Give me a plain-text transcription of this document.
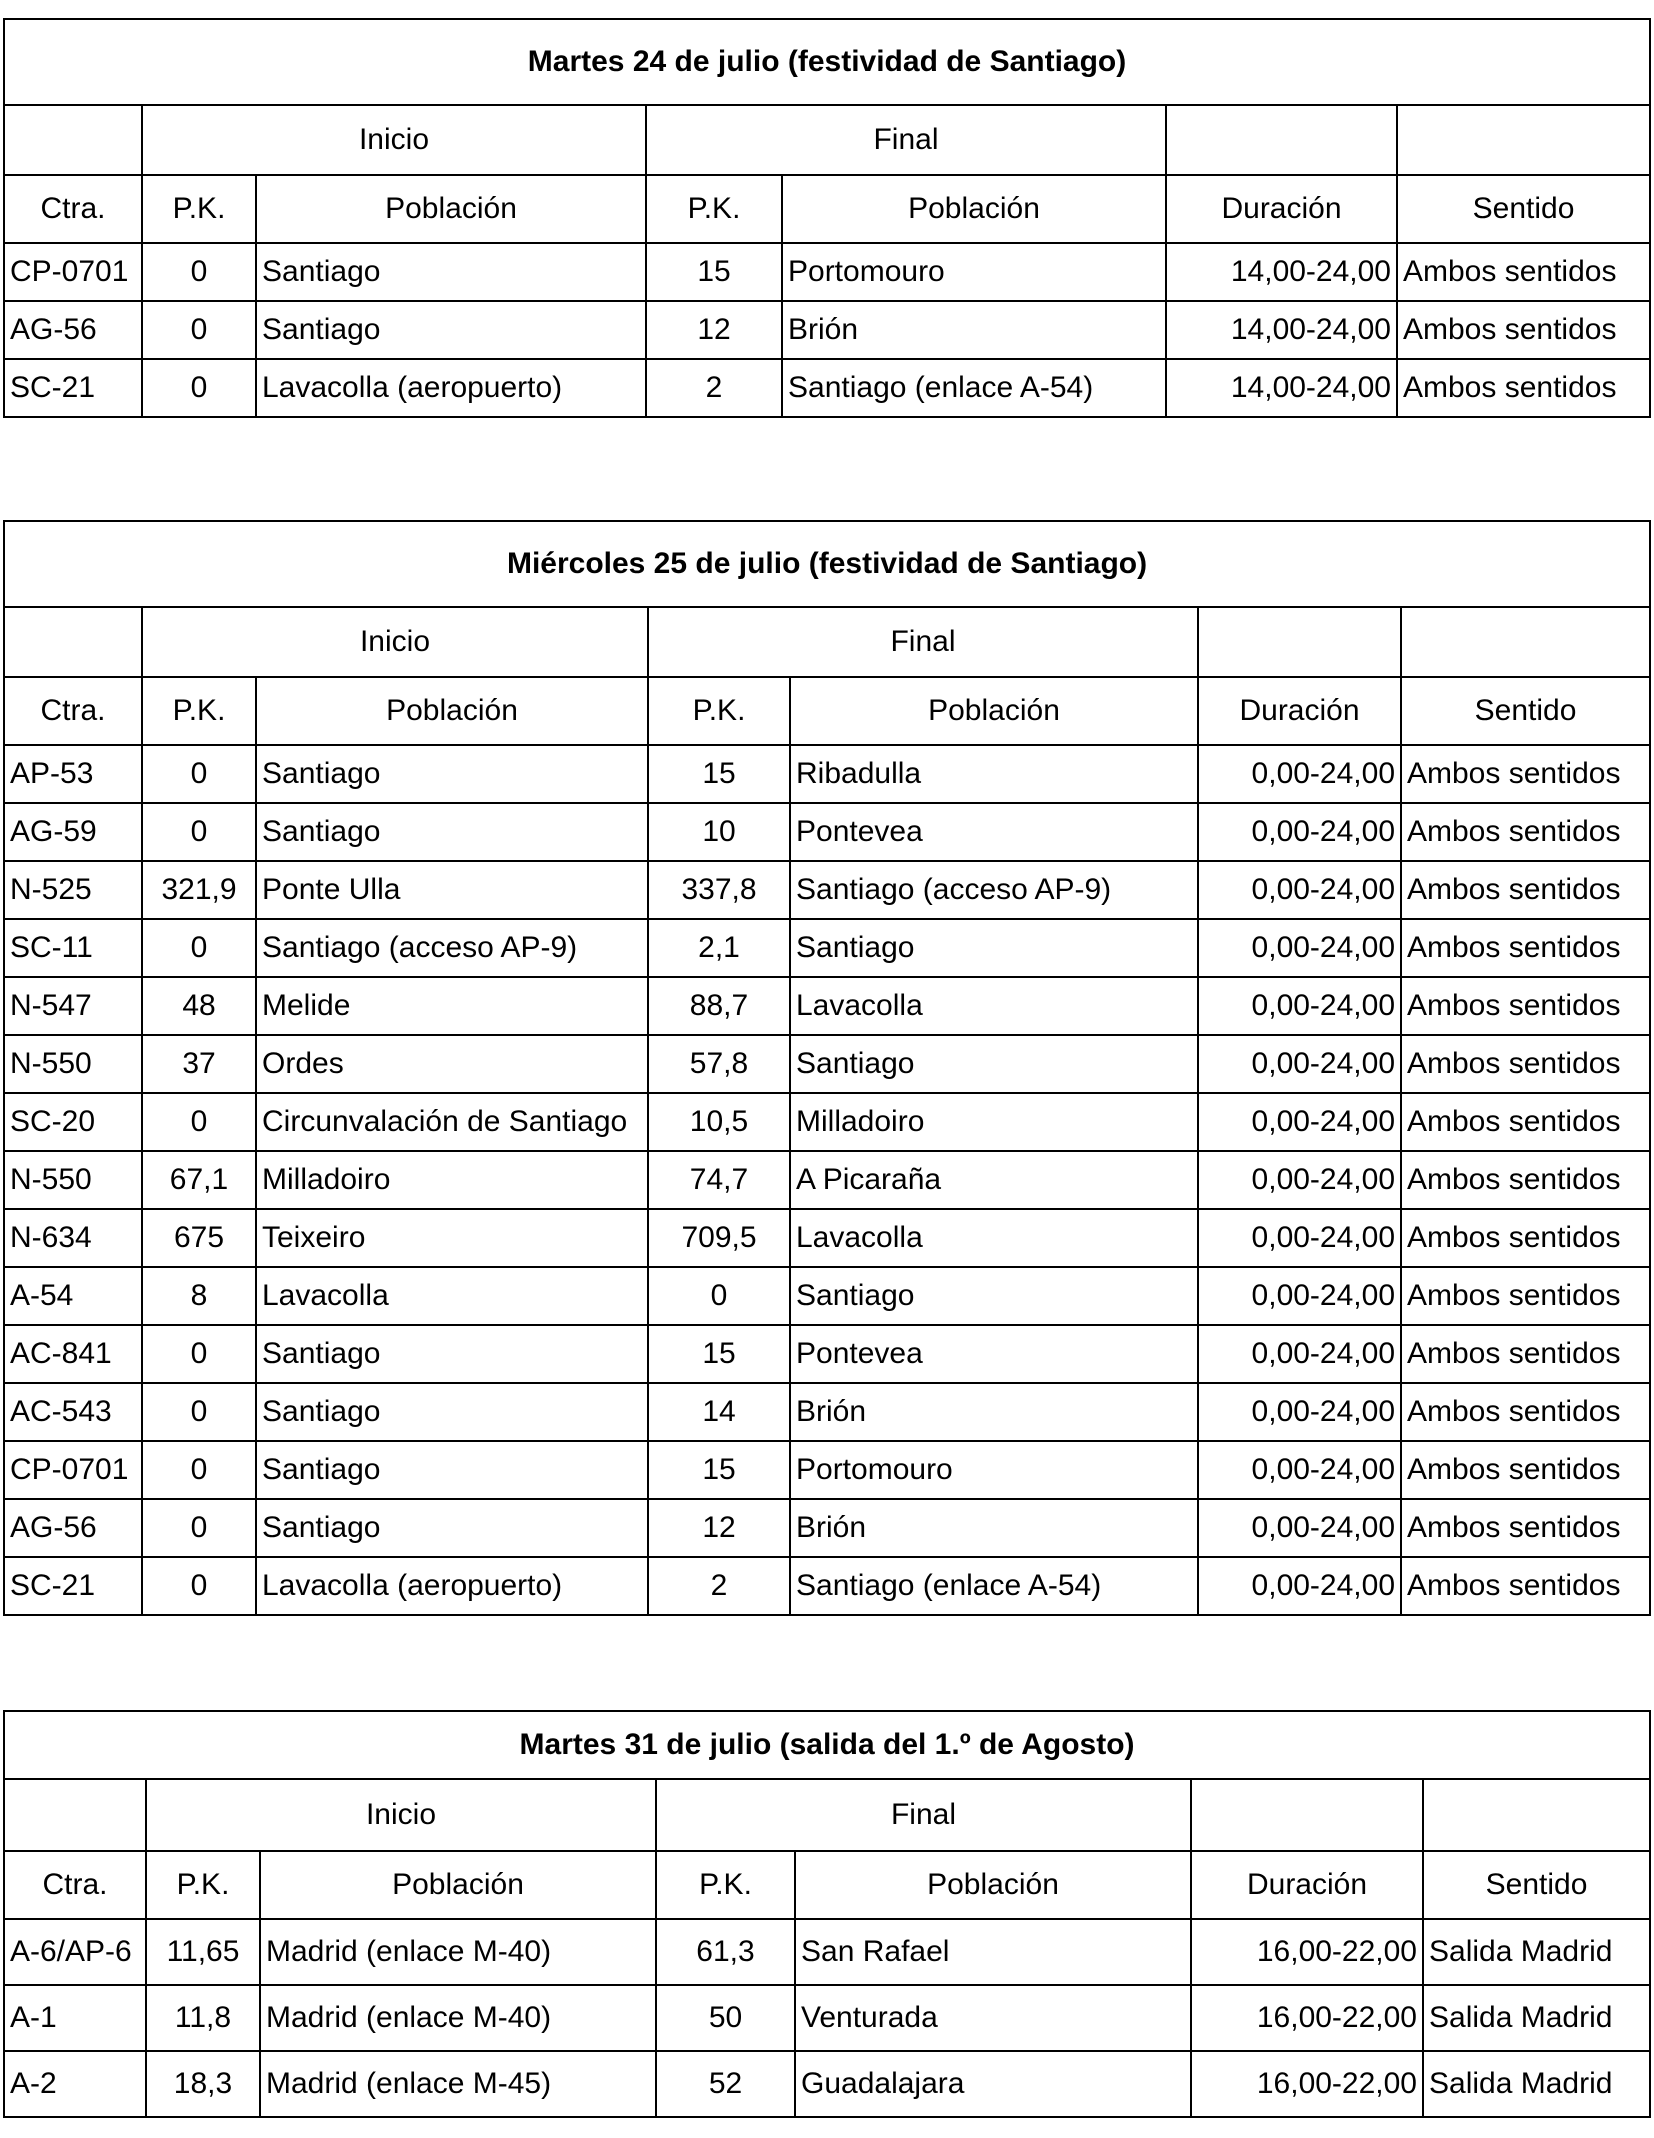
Martes 24 de julio (festividad de Santiago)						
	Inicio		Final			
Ctra.	P.K.	Población	P.K.	Población	Duración	Sentido
CP-0701	0	Santiago	15	Portomouro	14,00-24,00	Ambos sentidos
AG-56	0	Santiago	12	Brión	14,00-24,00	Ambos sentidos
SC-21	0	Lavacolla (aeropuerto)	2	Santiago (enlace A-54)	14,00-24,00	Ambos sentidos
Miércoles 25 de julio (festividad de Santiago)						
	Inicio		Final			
Ctra.	P.K.	Población	P.K.	Población	Duración	Sentido
AP-53	0	Santiago	15	Ribadulla	0,00-24,00	Ambos sentidos
AG-59	0	Santiago	10	Pontevea	0,00-24,00	Ambos sentidos
N-525	321,9	Ponte Ulla	337,8	Santiago (acceso AP-9)	0,00-24,00	Ambos sentidos
SC-11	0	Santiago (acceso AP-9)	2,1	Santiago	0,00-24,00	Ambos sentidos
N-547	48	Melide	88,7	Lavacolla	0,00-24,00	Ambos sentidos
N-550	37	Ordes	57,8	Santiago	0,00-24,00	Ambos sentidos
SC-20	0	Circunvalación de Santiago	10,5	Milladoiro	0,00-24,00	Ambos sentidos
N-550	67,1	Milladoiro	74,7	A Picaraña	0,00-24,00	Ambos sentidos
N-634	675	Teixeiro	709,5	Lavacolla	0,00-24,00	Ambos sentidos
A-54	8	Lavacolla	0	Santiago	0,00-24,00	Ambos sentidos
AC-841	0	Santiago	15	Pontevea	0,00-24,00	Ambos sentidos
AC-543	0	Santiago	14	Brión	0,00-24,00	Ambos sentidos
CP-0701	0	Santiago	15	Portomouro	0,00-24,00	Ambos sentidos
AG-56	0	Santiago	12	Brión	0,00-24,00	Ambos sentidos
SC-21	0	Lavacolla (aeropuerto)	2	Santiago (enlace A-54)	0,00-24,00	Ambos sentidos
Martes 31 de julio (salida del 1.º de Agosto)						
	Inicio		Final			
Ctra.	P.K.	Población	P.K.	Población	Duración	Sentido
A-6/AP-6	11,65	Madrid (enlace M-40)	61,3	San Rafael	16,00-22,00	Salida Madrid
A-1	11,8	Madrid (enlace M-40)	50	Venturada	16,00-22,00	Salida Madrid
A-2	18,3	Madrid (enlace M-45)	52	Guadalajara	16,00-22,00	Salida Madrid
